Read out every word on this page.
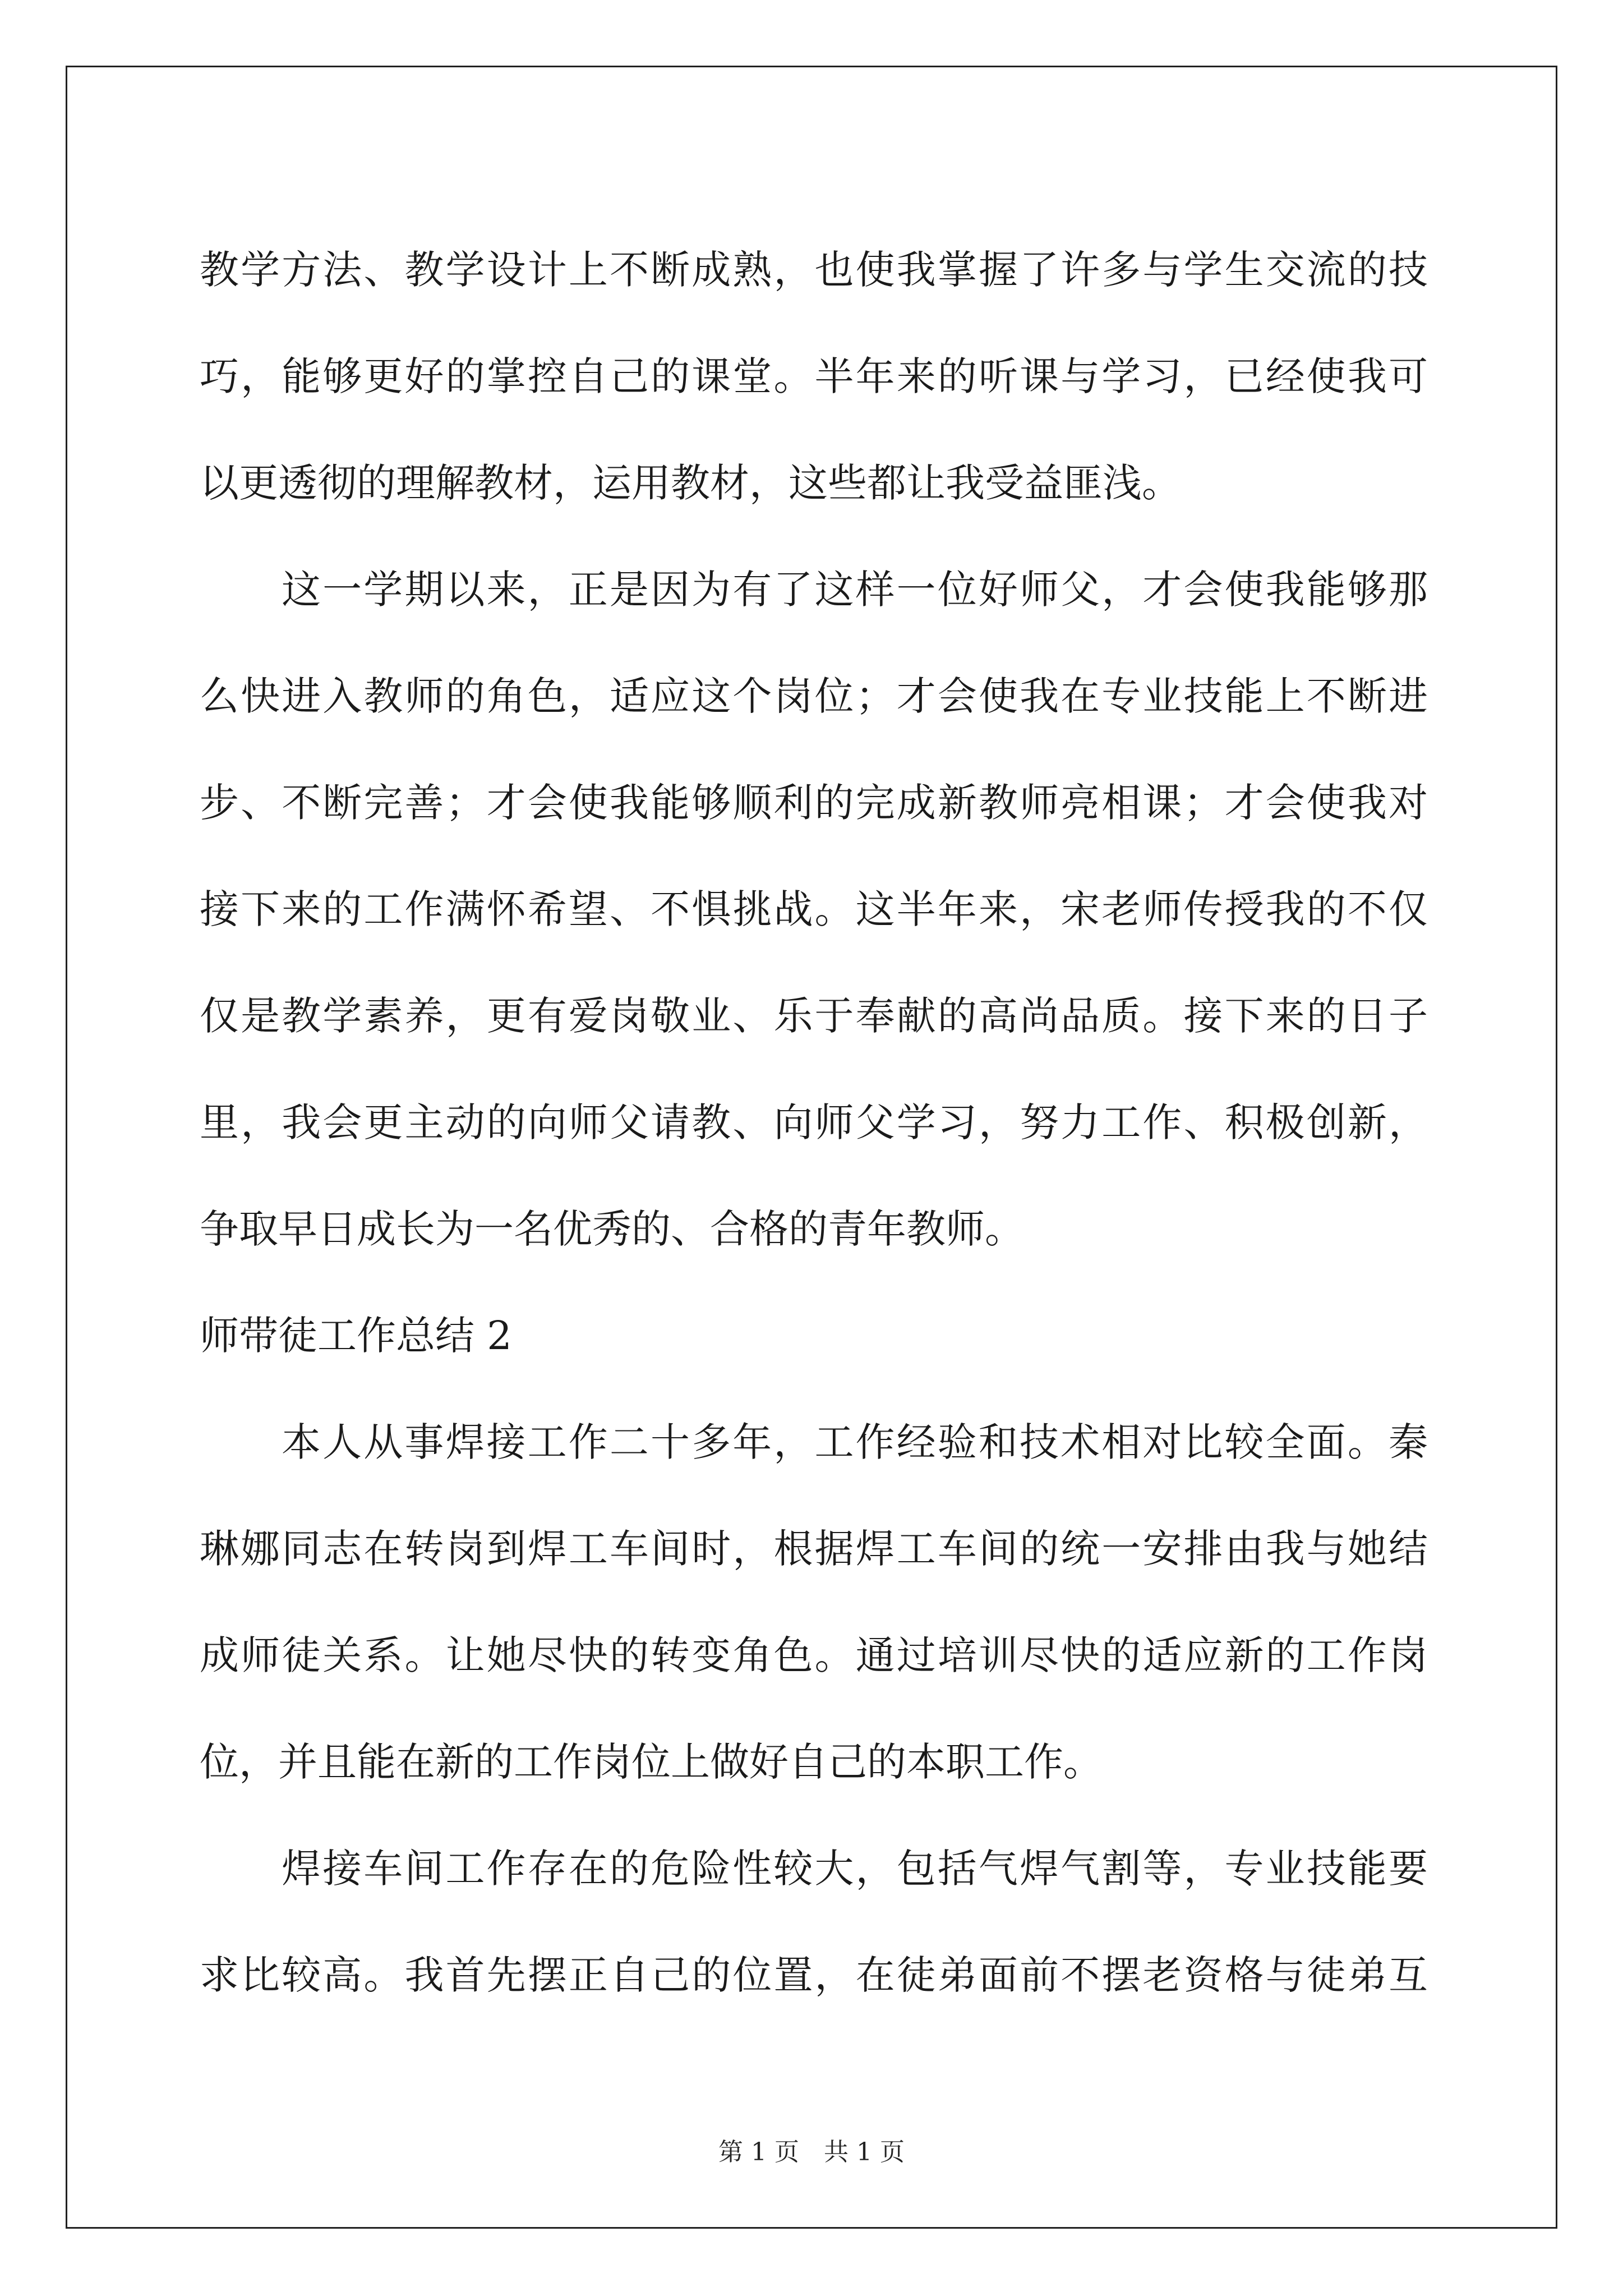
教学方法、教学设计上不断成熟，也使我掌握了许多与学生交流的技
巧，能够更好的掌控自己的课堂。半年来的听课与学习，已经使我可
以更透彻的理解教材，运用教材，这些都让我受益匪浅。
这一学期以来，正是因为有了这样一位好师父，才会使我能够那
么快进入教师的角色，适应这个岗位；才会使我在专业技能上不断进
步、不断完善；才会使我能够顺利的完成新教师亮相课；才会使我对
接下来的工作满怀希望、不惧挑战。这半年来，宋老师传授我的不仅
仅是教学素养，更有爱岗敬业、乐于奉献的高尚品质。接下来的日子
里，我会更主动的向师父请教、向师父学习，努力工作、积极创新，
争取早日成长为一名优秀的、合格的青年教师。
师带徒工作总结 2
本人从事焊接工作二十多年，工作经验和技术相对比较全面。秦
琳娜同志在转岗到焊工车间时，根据焊工车间的统一安排由我与她结
成师徒关系。让她尽快的转变角色。通过培训尽快的适应新的工作岗
位，并且能在新的工作岗位上做好自己的本职工作。
焊接车间工作存在的危险性较大，包括气焊气割等，专业技能要
求比较高。我首先摆正自己的位置，在徒弟面前不摆老资格与徒弟互
第 1 页　共 1 页
